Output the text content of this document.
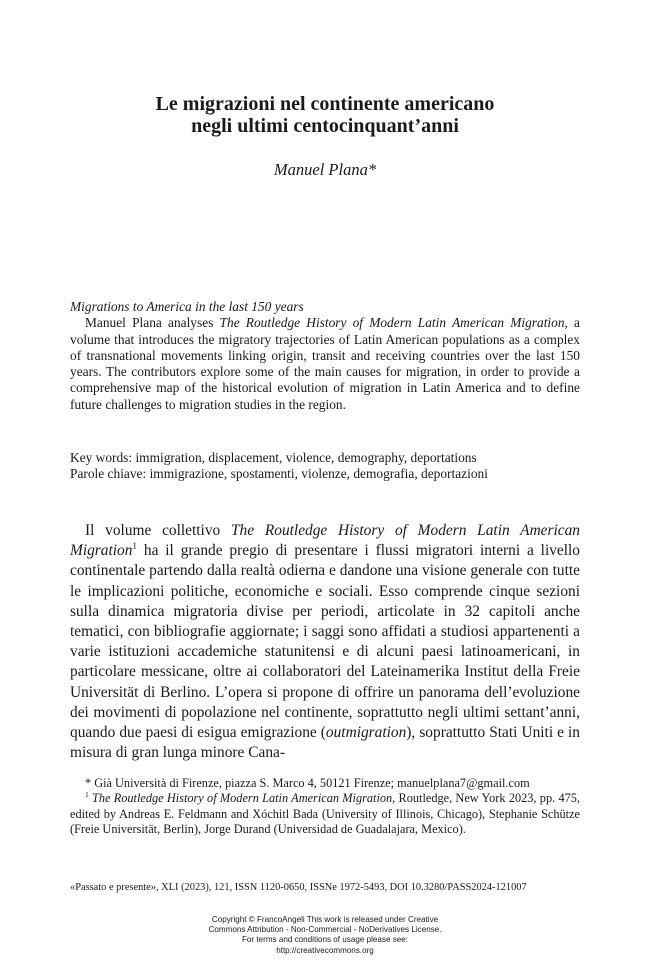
Le migrazioni nel continente americano
negli ultimi centocinquant’anni
Manuel Plana*
Migrations to America in the last 150 years
Manuel Plana analyses The Routledge History of Modern Latin American Migration, a volume that introduces the migratory trajectories of Latin American populations as a complex of transnational movements linking origin, transit and receiving countries over the last 150 years. The contributors explore some of the main causes for migration, in order to provide a comprehensive map of the historical evolution of migration in Latin America and to define future challenges to migration studies in the region.
Key words: immigration, displacement, violence, demography, deportations
Parole chiave: immigrazione, spostamenti, violenze, demografia, deportazioni

Il volume collettivo The Routledge History of Modern Latin American Migration$^1$ ha il grande pregio di presentare i flussi migratori interni a livello continentale partendo dalla realtà odierna e dandone una visione generale con tutte le implicazioni politiche, economiche e sociali. Esso comprende cinque sezioni sulla dinamica migratoria divise per periodi, articolate in 32 capitoli anche tematici, con bibliografie aggiornate; i saggi sono affidati a studiosi appartenenti a varie istituzioni accademiche statunitensi e di alcuni paesi latinoamericani, in particolare messicane, oltre ai collaboratori del Lateinamerika Institut della Freie Universität di Berlino. L’opera si propone di offrire un panorama dell’evoluzione dei movimenti di popolazione nel continente, soprattutto negli ultimi settant’anni, quando due paesi di esigua emigrazione (outmigration), soprattutto Stati Uniti e in misura di gran lunga minore Cana-

* Già Università di Firenze, piazza S. Marco 4, 50121 Firenze; manuelplana7@gmail.com

$^1$ The Routledge History of Modern Latin American Migration, Routledge, New York 2023, pp. 475, edited by Andreas E. Feldmann and Xóchitl Bada (University of Illinois, Chicago), Stephanie Schütze (Freie Universität, Berlin), Jorge Durand (Universidad de Guadalajara, Mexico).

«Passato e presente», XLI (2023), 121, ISSN 1120-0650, ISSNe 1972-5493, DOI 10.3280/PASS2024-121007
Copyright © FrancoAngeli This work is released under Creative
Commons Attribution - Non-Commercial - NoDerivatives License.
For terms and conditions of usage please see:
http://creativecommons.org
